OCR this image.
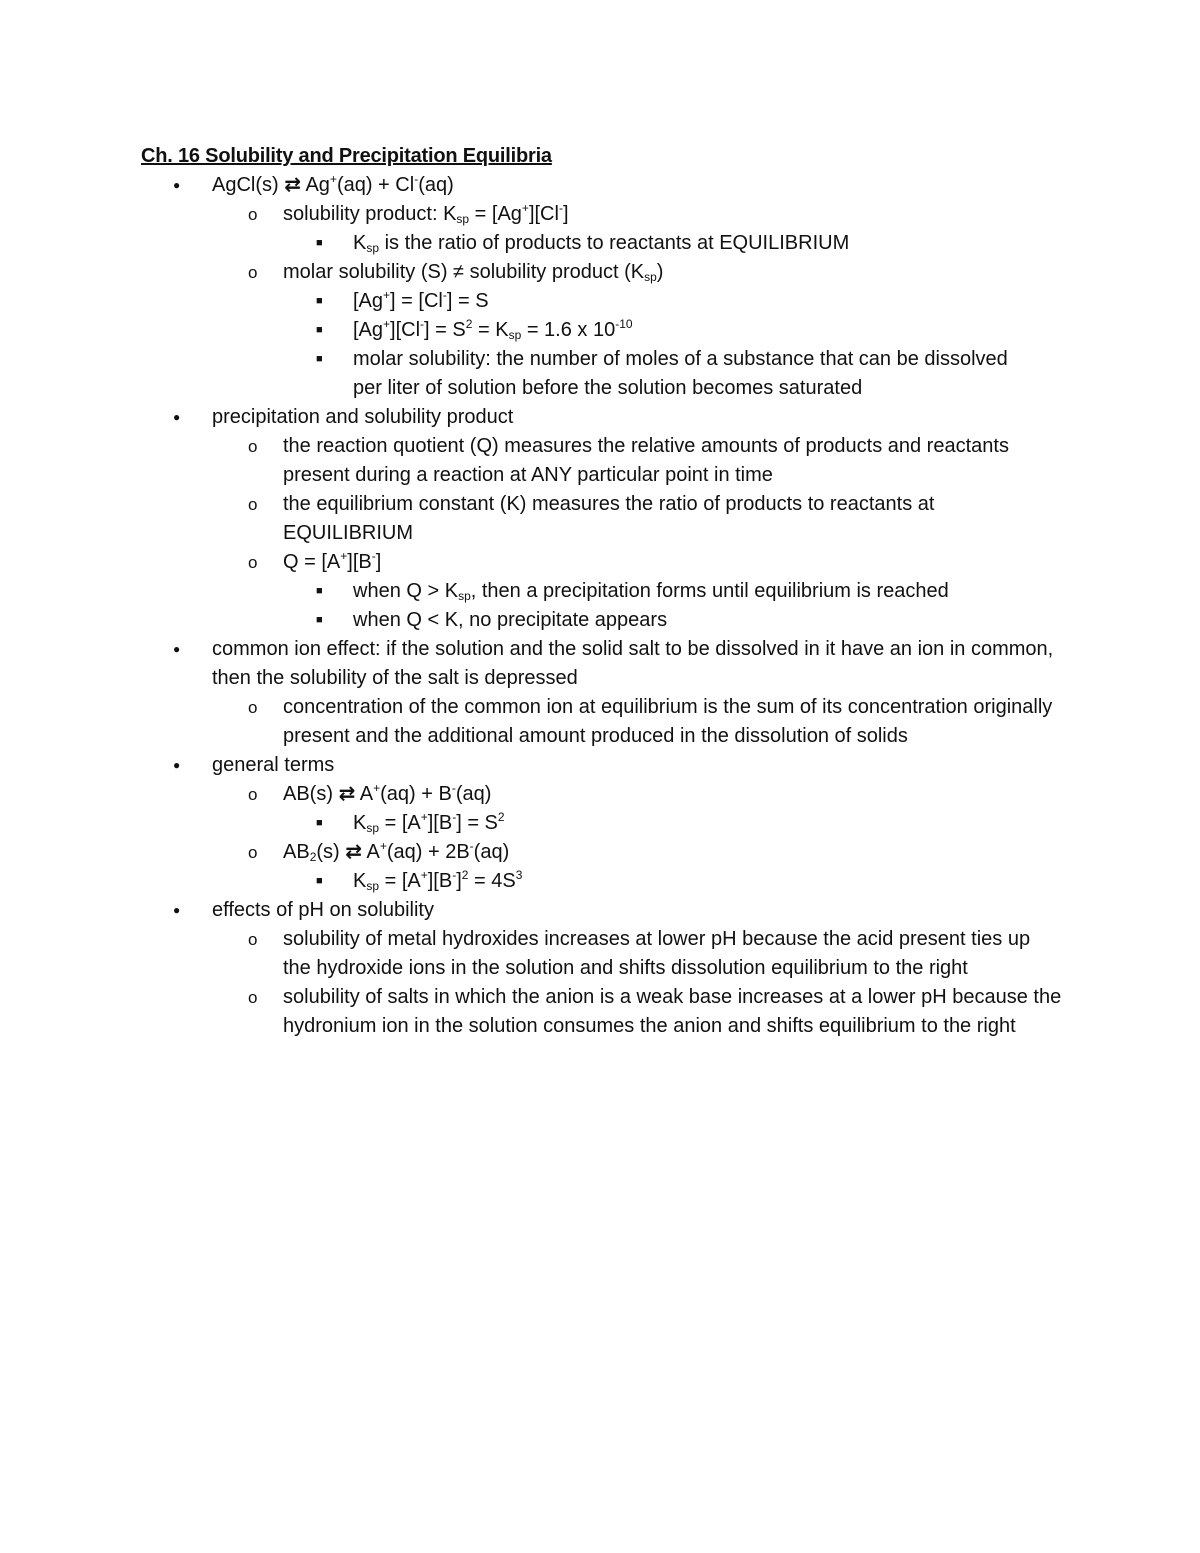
Ch. 16 Solubility and Precipitation Equilibria
● AgCl(s) ⇄ Ag+(aq) + Cl-(aq)
o solubility product: $K_{sp} = [Ag^+][Cl^-]$
■ $K_{sp}$ is the ratio of products to reactants at EQUILIBRIUM
o molar solubility (S) ≠ solubility product $(K_{sp})$
■ [Ag+] = [Cl-] = S
■ $[Ag^+][Cl^-] = S^2 = K_{sp} = 1.6$ x $10^{-10}$
■ molar solubility: the number of moles of a substance that can be dissolved per liter of solution before the solution becomes saturated
● precipitation and solubility product
o the reaction quotient (Q) measures the relative amounts of products and reactants present during a reaction at ANY particular point in time
o the equilibrium constant (K) measures the ratio of products to reactants at EQUILIBRIUM
o Q = [A+][B-]
■ when $Q > K_{sp}$, then a precipitation forms until equilibrium is reached
■ when Q < K, no precipitate appears
● common ion effect: if the solution and the solid salt to be dissolved in it have an ion in common, then the solubility of the salt is depressed
o concentration of the common ion at equilibrium is the sum of its concentration originally present and the additional amount produced in the dissolution of solids
● general terms
o AB(s) ⇄ A+(aq) + B-(aq)
■ $K_{sp} = [A^+][B^-] = S^2$
o $AB_2(s)$ ⇄ A+(aq) + 2B-(aq)
■ $K_{sp} = [A^+][B^-]^2 = 4S^3$
● effects of pH on solubility
o solubility of metal hydroxides increases at lower pH because the acid present ties up the hydroxide ions in the solution and shifts dissolution equilibrium to the right
o solubility of salts in which the anion is a weak base increases at a lower pH because the hydronium ion in the solution consumes the anion and shifts equilibrium to the right
